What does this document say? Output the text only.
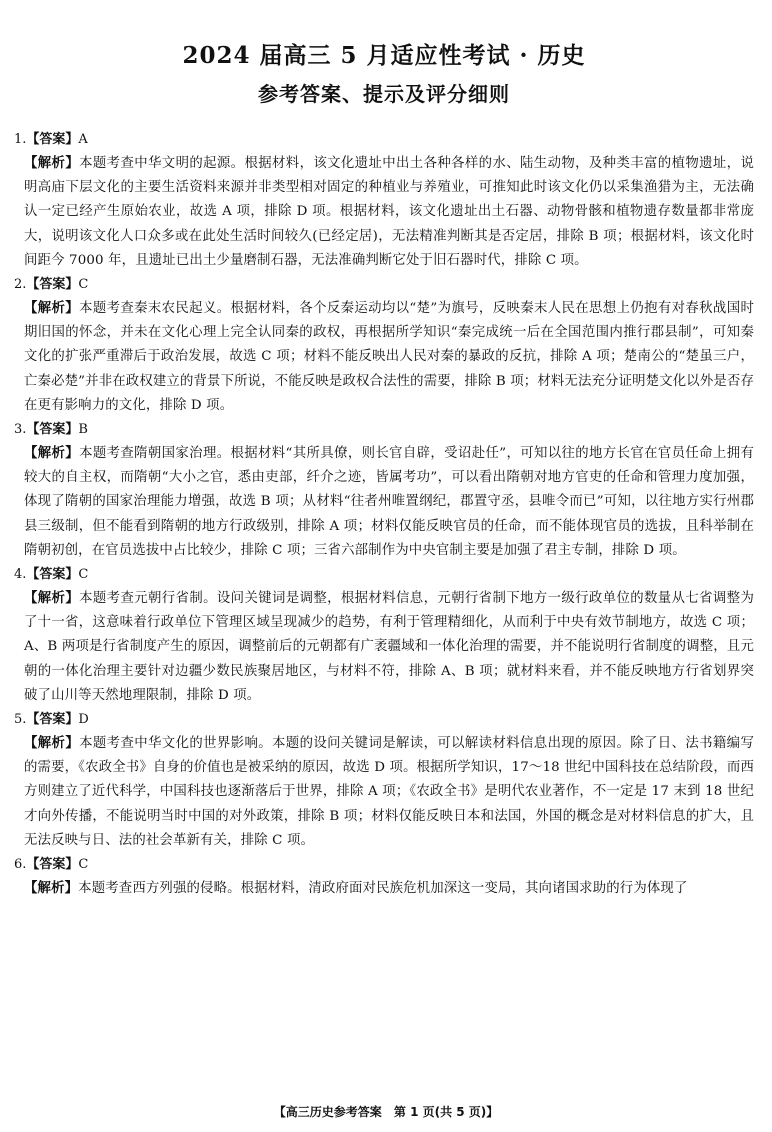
2024 届高三 5 月适应性考试 · 历史
参考答案、提示及评分细则
1.【答案】A

【解析】本题考查中华文明的起源。根据材料，该文化遗址中出土各种各样的水、陆生动物，及种类丰富的植物遗址，说明高庙下层文化的主要生活资料来源并非类型相对固定的种植业与养殖业，可推知此时该文化仍以采集渔猎为主，无法确认一定已经产生原始农业，故选 A 项，排除 D 项。根据材料，该文化遗址出土石器、动物骨骸和植物遗存数量都非常庞大，说明该文化人口众多或在此处生活时间较久(已经定居)，无法精准判断其是否定居，排除 B 项；根据材料，该文化时间距今 7000 年，且遗址已出土少量磨制石器，无法准确判断它处于旧石器时代，排除 C 项。

2.【答案】C

【解析】本题考查秦末农民起义。根据材料，各个反秦运动均以“楚”为旗号，反映秦末人民在思想上仍抱有对春秋战国时期旧国的怀念，并未在文化心理上完全认同秦的政权，再根据所学知识“秦完成统一后在全国范围内推行郡县制”，可知秦文化的扩张严重滞后于政治发展，故选 C 项；材料不能反映出人民对秦的暴政的反抗，排除 A 项；楚南公的“楚虽三户，亡秦必楚”并非在政权建立的背景下所说，不能反映是政权合法性的需要，排除 B 项；材料无法充分证明楚文化以外是否存在更有影响力的文化，排除 D 项。

3.【答案】B

【解析】本题考查隋朝国家治理。根据材料“其所具僚，则长官自辟，受诏赴任”，可知以往的地方长官在官员任命上拥有较大的自主权，而隋朝“大小之官，悉由吏部，纤介之迹，皆属考功”，可以看出隋朝对地方官吏的任命和管理力度加强，体现了隋朝的国家治理能力增强，故选 B 项；从材料“往者州唯置纲纪，郡置守丞，县唯令而已”可知，以往地方实行州郡县三级制，但不能看到隋朝的地方行政级别，排除 A 项；材料仅能反映官员的任命，而不能体现官员的选拔，且科举制在隋朝初创，在官员选拔中占比较少，排除 C 项；三省六部制作为中央官制主要是加强了君主专制，排除 D 项。

4.【答案】C

【解析】本题考查元朝行省制。设问关键词是调整，根据材料信息，元朝行省制下地方一级行政单位的数量从七省调整为了十一省，这意味着行政单位下管理区域呈现减少的趋势，有利于管理精细化，从而利于中央有效节制地方，故选 C 项；A、B 两项是行省制度产生的原因，调整前后的元朝都有广袤疆域和一体化治理的需要，并不能说明行省制度的调整，且元朝的一体化治理主要针对边疆少数民族聚居地区，与材料不符，排除 A、B 项；就材料来看，并不能反映地方行省划界突破了山川等天然地理限制，排除 D 项。

5.【答案】D

【解析】本题考查中华文化的世界影响。本题的设问关键词是解读，可以解读材料信息出现的原因。除了日、法书籍编写的需要，《农政全书》自身的价值也是被采纳的原因，故选 D 项。根据所学知识，17～18 世纪中国科技在总结阶段，而西方则建立了近代科学，中国科技也逐渐落后于世界，排除 A 项；《农政全书》是明代农业著作，不一定是 17 末到 18 世纪才向外传播，不能说明当时中国的对外政策，排除 B 项；材料仅能反映日本和法国，外国的概念是对材料信息的扩大，且无法反映与日、法的社会革新有关，排除 C 项。

6.【答案】C

【解析】本题考查西方列强的侵略。根据材料，清政府面对民族危机加深这一变局，其向诸国求助的行为体现了

【高三历史参考答案 第 1 页(共 5 页)】
